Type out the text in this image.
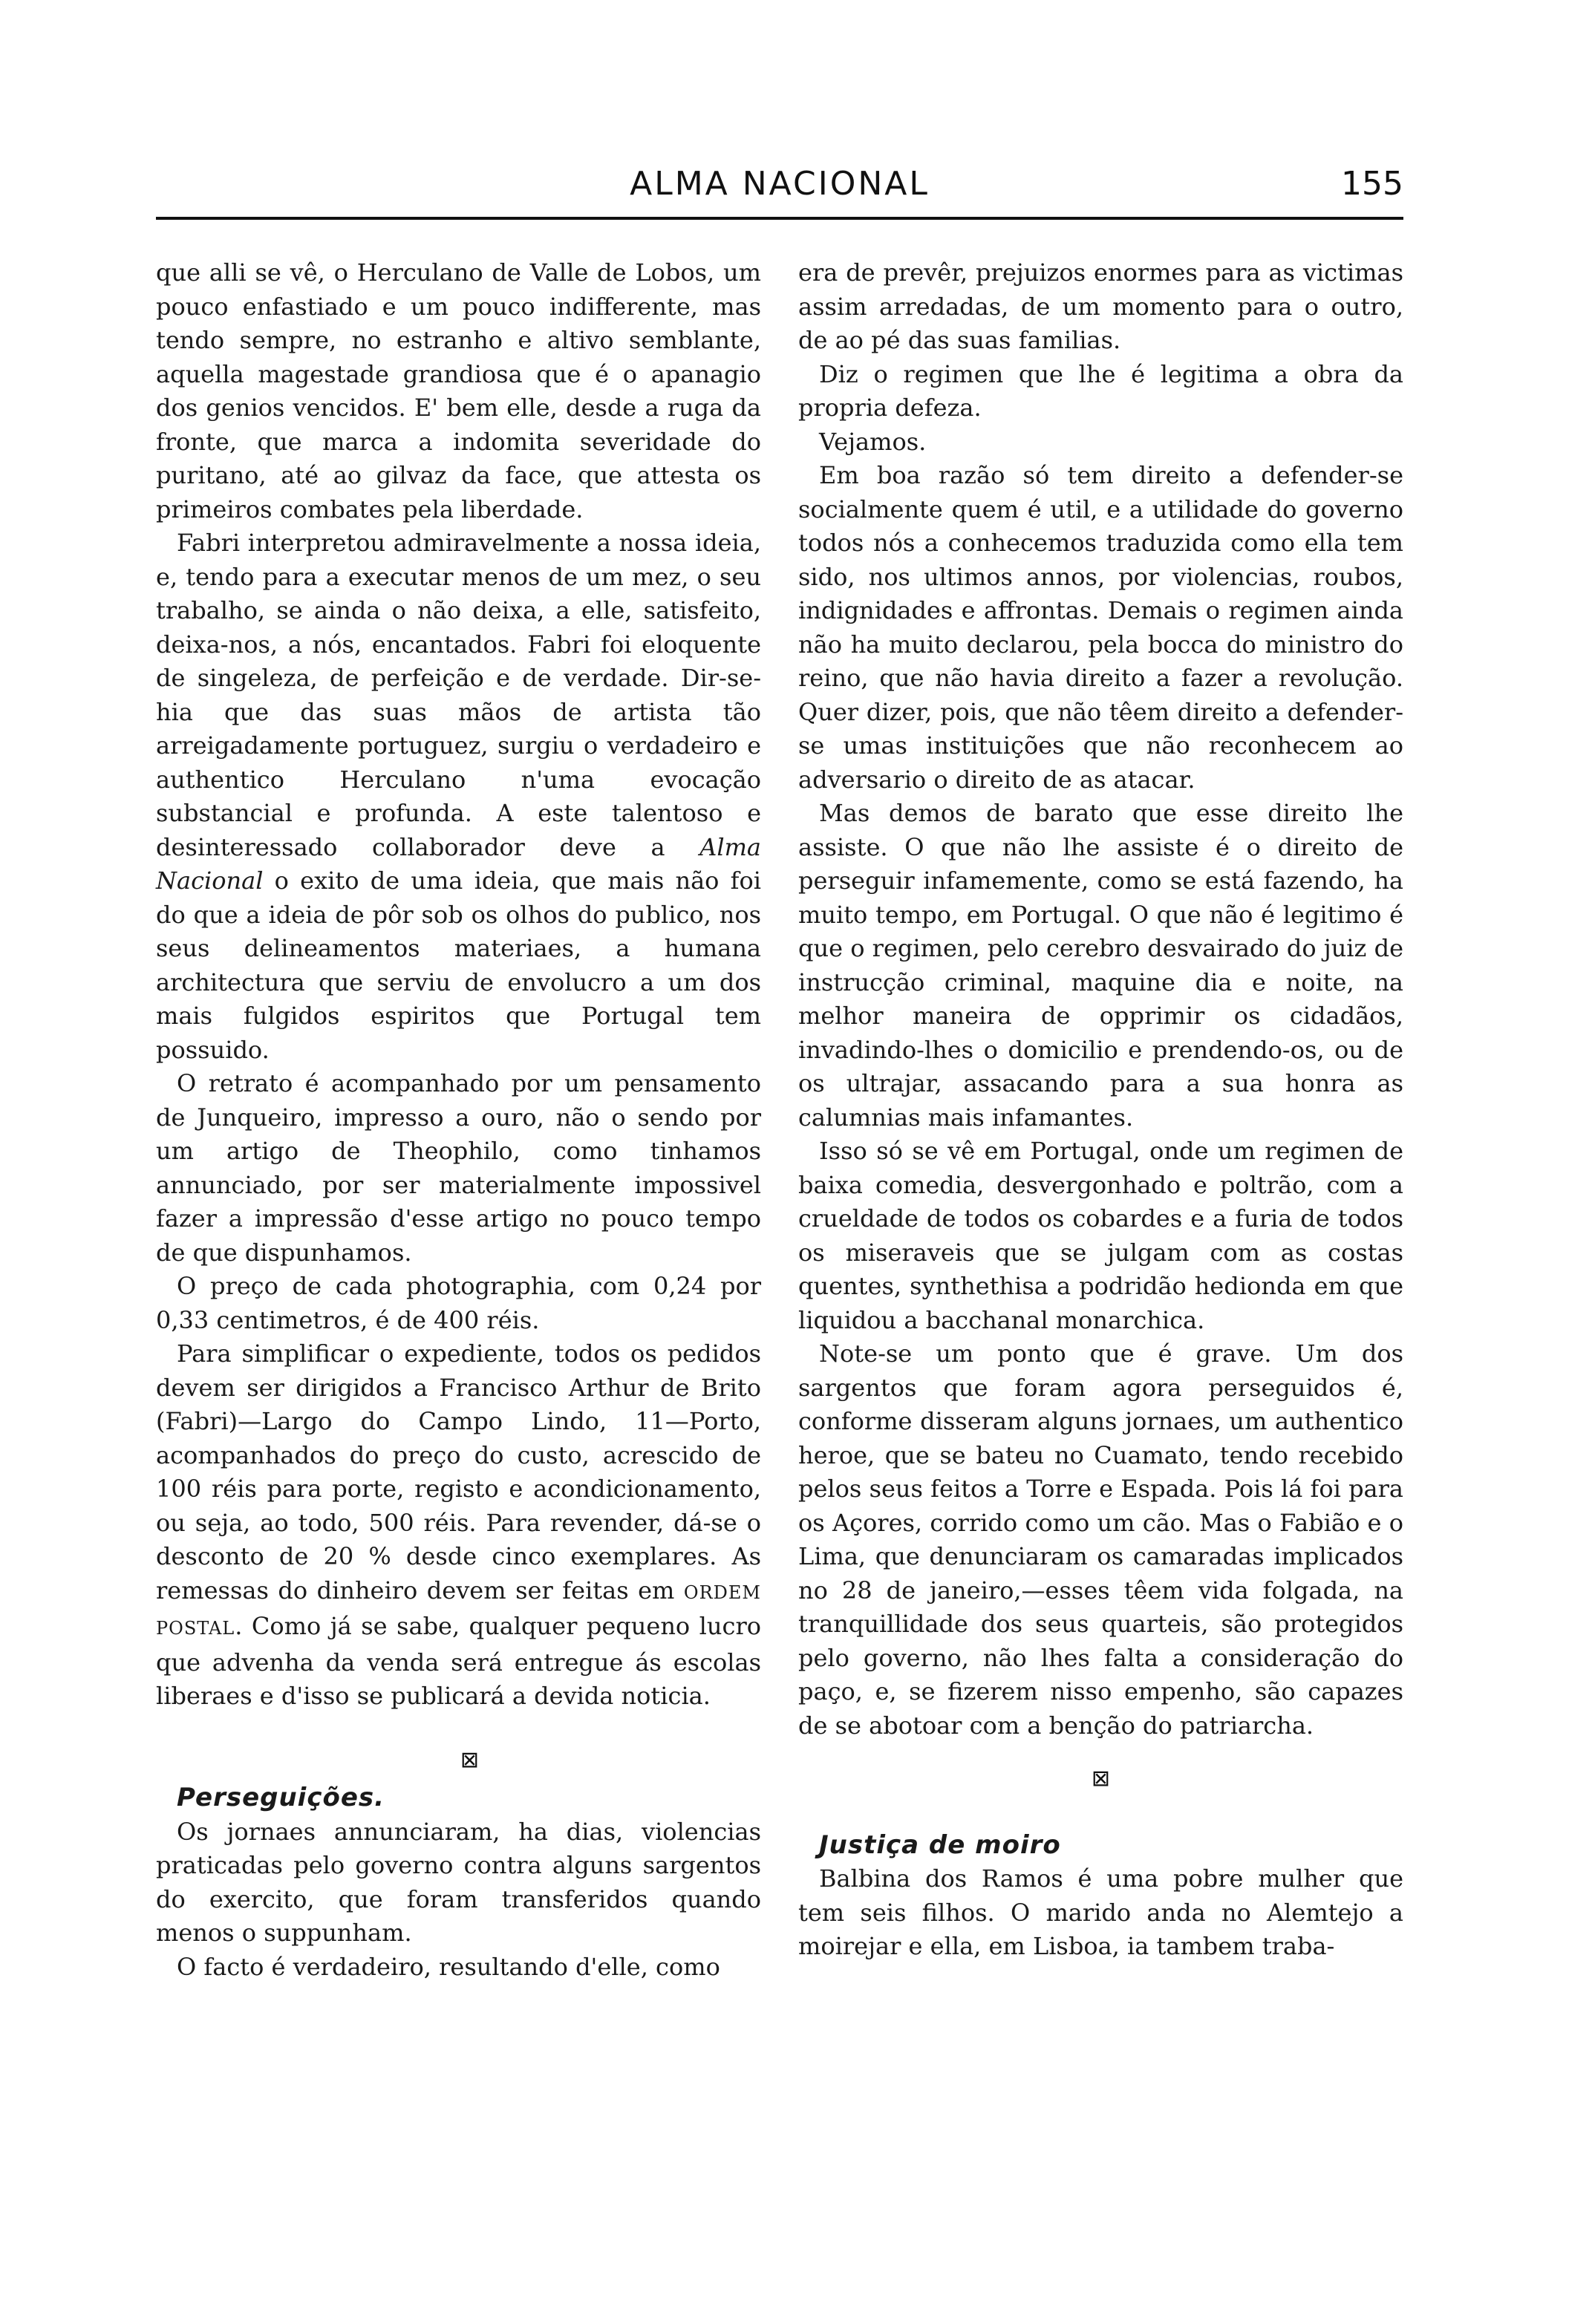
ALMA NACIONAL	155

que alli se vê, o Herculano de Valle de Lobos, um pouco enfastiado e um pouco indifferente, mas tendo sempre, no estranho e altivo semblante, aquella magestade grandiosa que é o apanagio dos genios vencidos. E' bem elle, desde a ruga da fronte, que marca a indomita severidade do puritano, até ao gilvaz da face, que attesta os primeiros combates pela liberdade.

Fabri interpretou admiravelmente a nossa ideia, e, tendo para a executar menos de um mez, o seu trabalho, se ainda o não deixa, a elle, satisfeito, deixa-nos, a nós, encantados. Fabri foi eloquente de singeleza, de perfeição e de verdade. Dir-se-hia que das suas mãos de artista tão arreigadamente portuguez, surgiu o verdadeiro e authentico Herculano n'uma evocação substancial e profunda. A este talentoso e desinteressado collaborador deve a Alma Nacional o exito de uma ideia, que mais não foi do que a ideia de pôr sob os olhos do publico, nos seus delineamentos materiaes, a humana architectura que serviu de envolucro a um dos mais fulgidos espiritos que Portugal tem possuido.

O retrato é acompanhado por um pensamento de Junqueiro, impresso a ouro, não o sendo por um artigo de Theophilo, como tinhamos annunciado, por ser materialmente impossivel fazer a impressão d'esse artigo no pouco tempo de que dispunhamos.

O preço de cada photographia, com 0,24 por 0,33 centimetros, é de 400 réis.

Para simplificar o expediente, todos os pedidos devem ser dirigidos a Francisco Arthur de Brito (Fabri)—Largo do Campo Lindo, 11—Porto, acompanhados do preço do custo, acrescido de 100 réis para porte, registo e acondicionamento, ou seja, ao todo, 500 réis. Para revender, dá-se o desconto de 20 % desde cinco exemplares. As remessas do dinheiro devem ser feitas em ORDEM POSTAL. Como já se sabe, qualquer pequeno lucro que advenha da venda será entregue ás escolas liberaes e d'isso se publicará a devida noticia.

⊠

Perseguições.

Os jornaes annunciaram, ha dias, violencias praticadas pelo governo contra alguns sargentos do exercito, que foram transferidos quando menos o suppunham.

O facto é verdadeiro, resultando d'elle, como

era de prevêr, prejuizos enormes para as victimas assim arredadas, de um momento para o outro, de ao pé das suas familias.

Diz o regimen que lhe é legitima a obra da propria defeza.

Vejamos.

Em boa razão só tem direito a defender-se socialmente quem é util, e a utilidade do governo todos nós a conhecemos traduzida como ella tem sido, nos ultimos annos, por violencias, roubos, indignidades e affrontas. Demais o regimen ainda não ha muito declarou, pela bocca do ministro do reino, que não havia direito a fazer a revolução. Quer dizer, pois, que não têem direito a defender-se umas instituições que não reconhecem ao adversario o direito de as atacar.

Mas demos de barato que esse direito lhe assiste. O que não lhe assiste é o direito de perseguir infamemente, como se está fazendo, ha muito tempo, em Portugal. O que não é legitimo é que o regimen, pelo cerebro desvairado do juiz de instrucção criminal, maquine dia e noite, na melhor maneira de opprimir os cidadãos, invadindo-lhes o domicilio e prendendo-os, ou de os ultrajar, assacando para a sua honra as calumnias mais infamantes.

Isso só se vê em Portugal, onde um regimen de baixa comedia, desvergonhado e poltrão, com a crueldade de todos os cobardes e a furia de todos os miseraveis que se julgam com as costas quentes, synthethisa a podridão hedionda em que liquidou a bacchanal monarchica.

Note-se um ponto que é grave. Um dos sargentos que foram agora perseguidos é, conforme disseram alguns jornaes, um authentico heroe, que se bateu no Cuamato, tendo recebido pelos seus feitos a Torre e Espada. Pois lá foi para os Açores, corrido como um cão. Mas o Fabião e o Lima, que denunciaram os camaradas implicados no 28 de janeiro,—esses têem vida folgada, na tranquillidade dos seus quarteis, são protegidos pelo governo, não lhes falta a consideração do paço, e, se fizerem nisso empenho, são capazes de se abotoar com a benção do patriarcha.

⊠

Justiça de moiro

Balbina dos Ramos é uma pobre mulher que tem seis filhos. O marido anda no Alemtejo a moirejar e ella, em Lisboa, ia tambem traba-
